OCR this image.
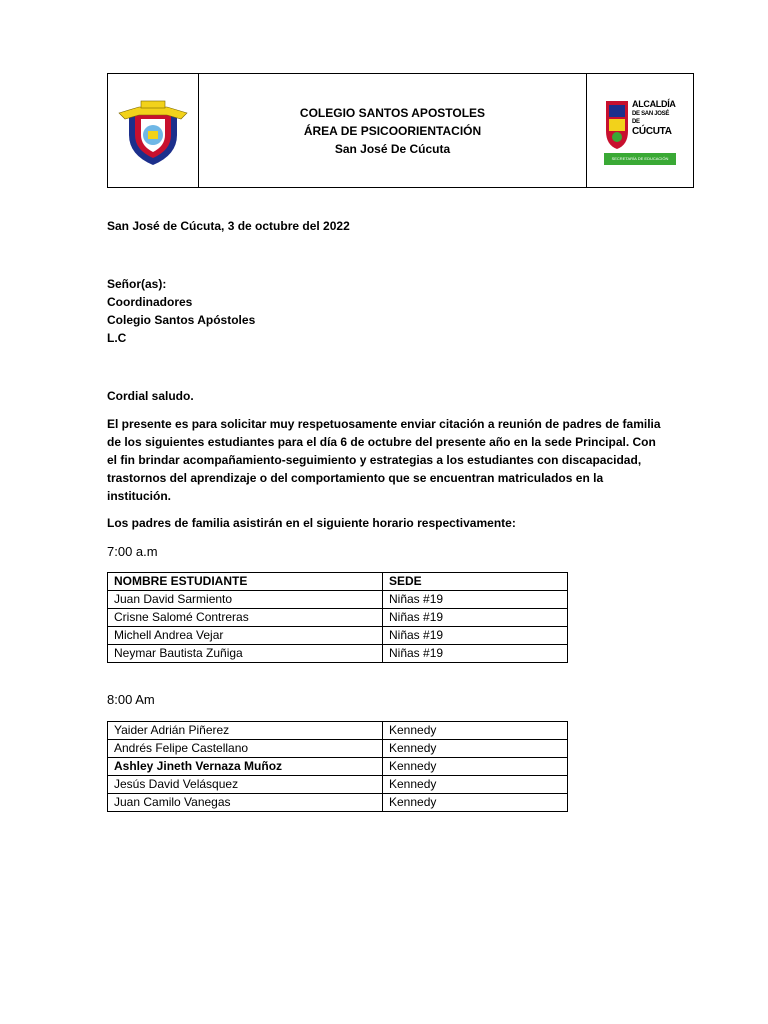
COLEGIO SANTOS APOSTOLES
ÁREA DE PSICOORIENTACIÓN
San José De Cúcuta
ALCALDÍA
DE SAN JOSÉ DE
CÚCUTA
SECRETARÍA DE EDUCACIÓN
San José de Cúcuta, 3 de octubre del 2022
Señor(as):
Coordinadores
Colegio Santos Apóstoles
L.C
Cordial saludo.
El presente es para solicitar muy respetuosamente enviar citación a reunión de padres de familia de los siguientes estudiantes para el día 6 de octubre del presente año en la sede Principal. Con el fin brindar acompañamiento-seguimiento y estrategias a los estudiantes con discapacidad, trastornos del aprendizaje o del comportamiento que se encuentran matriculados en la institución.
Los padres de familia asistirán en el siguiente horario respectivamente:
7:00 a.m
NOMBRE ESTUDIANTE	SEDE
Juan David Sarmiento	Niñas #19
Crisne Salomé Contreras	Niñas #19
Michell Andrea Vejar	Niñas #19
Neymar Bautista Zuñiga	Niñas #19
8:00 Am
Yaider Adrián Piñerez	Kennedy
Andrés Felipe Castellano	Kennedy
Ashley Jineth Vernaza Muñoz	Kennedy
Jesús David Velásquez	Kennedy
Juan Camilo Vanegas	Kennedy
